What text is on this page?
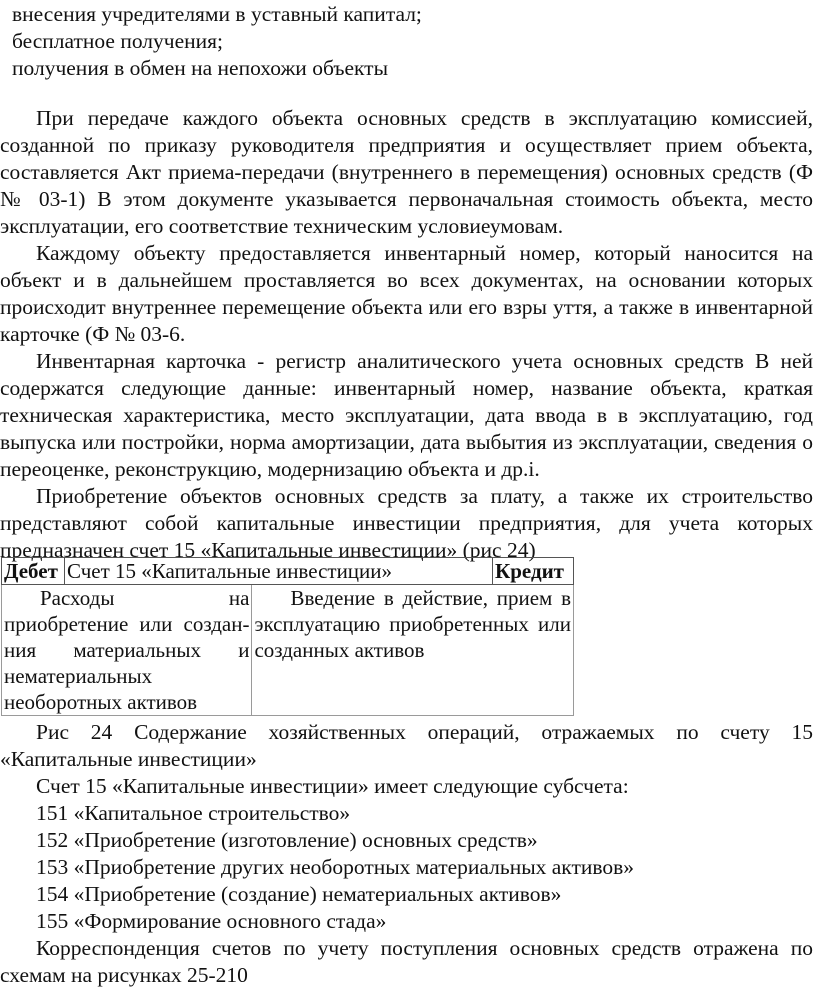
внесения учредителями в уставный капитал;
бесплатное получения;
получения в обмен на непохожи объекты

При передаче каждого объекта основных средств в эксплуатацию комиссией, созданной по приказу руководителя предприятия и осуществляет прием объекта, составляется Акт приема-передачи (внутреннего в перемещения) основных средств (Ф № 03-1) В этом документе указывается первоначальная стоимость объекта, место эксплуатации, его соответствие техническим условиеумовам.

Каждому объекту предоставляется инвентарный номер, который наносится на объект и в дальнейшем проставляется во всех документах, на основании которых происходит внутреннее перемещение объекта или его взры уття, а также в инвентарной карточке (Ф № 03-6.

Инвентарная карточка - регистр аналитического учета основных средств В ней содержатся следующие данные: инвентарный номер, название объекта, краткая техническая характеристика, место эксплуатации, дата ввода в в эксплуатацию, год выпуска или постройки, норма амортизации, дата выбытия из эксплуатации, сведения о переоценке, реконструкцию, модернизацию объекта и др.і.

Приобретение объектов основных средств за плату, а также их строительство представляют собой капитальные инвестиции предприятия, для учета которых предназначен счет 15 «Капитальные инвестиции» (рис 24)

Дебет	Счет 15 «Капитальные инвестиции»		Кредит

Расходы на приобретение или создан- ния материальных и нематериальных необоротных активов		Введение в действие, прием в эксплуатацию приобретенных или созданных активов	

Рис 24 Содержание хозяйственных операций, отражаемых по счету 15 «Капитальные инвестиции»

Счет 15 «Капитальные инвестиции» имеет следующие субсчета:

151 «Капитальное строительство»

152 «Приобретение (изготовление) основных средств»

153 «Приобретение других необоротных материальных активов»

154 «Приобретение (создание) нематериальных активов»

155 «Формирование основного стада»

Корреспонденция счетов по учету поступления основных средств отражена по схемам на рисунках 25-210
